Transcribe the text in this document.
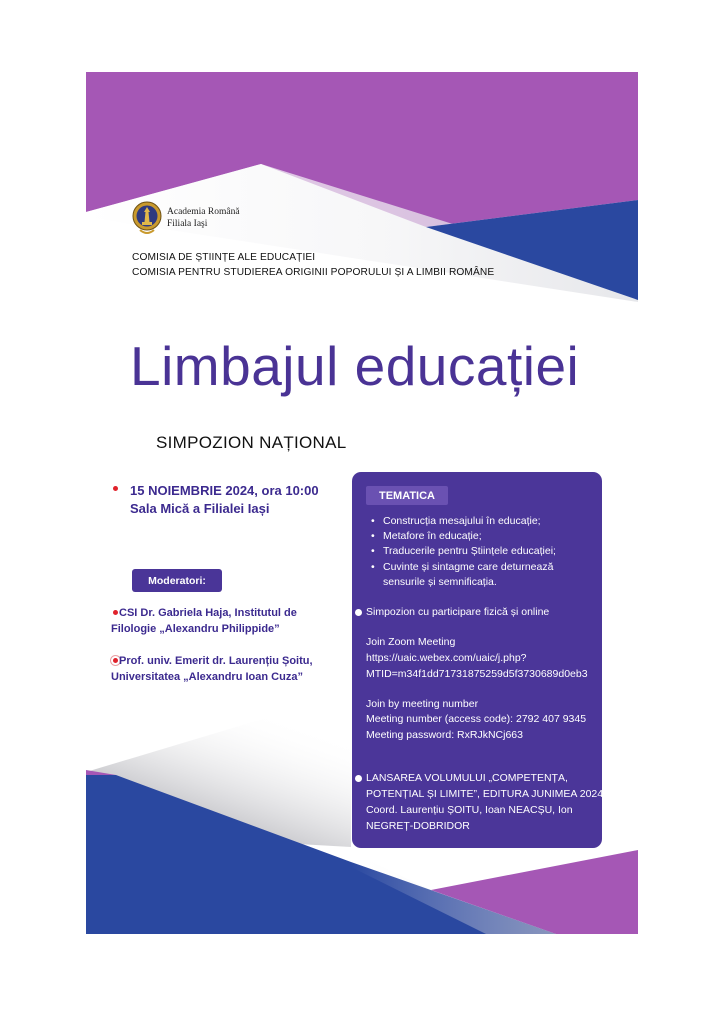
Academia Română
Filiala Iaşi
COMISIA DE ȘTIINȚE ALE EDUCAȚIEI
COMISIA PENTRU STUDIEREA ORIGINII POPORULUI ȘI A LIMBII ROMÂNE
Limbajul educației
SIMPOZION NAȚIONAL
15 NOIEMBRIE 2024, ora 10:00
Sala Mică a Filialei Iași
Moderatori:
CSI Dr. Gabriela Haja, Institutul de
Filologie „Alexandru Philippide”
Prof. univ. Emerit dr. Laurențiu Șoitu,
Universitatea „Alexandru Ioan Cuza”
TEMATICA
• Construcția mesajului în educație;
• Metafore în educație;
• Traducerile pentru Științele educației;
• Cuvinte și sintagme care deturnează sensurile și semnificația.
Simpozion cu participare fizică și online
Join Zoom Meeting
https://uaic.webex.com/uaic/j.php?
MTID=m34f1dd71731875259d5f3730689d0eb3
Join by meeting number
Meeting number (access code): 2792 407 9345
Meeting password: RxRJkNCj663
LANSAREA VOLUMULUI „COMPETENȚA,
POTENȚIAL ȘI LIMITE”, EDITURA JUNIMEA 2024
Coord. Laurențiu ȘOITU, Ioan NEACȘU, Ion
NEGREȚ-DOBRIDOR
